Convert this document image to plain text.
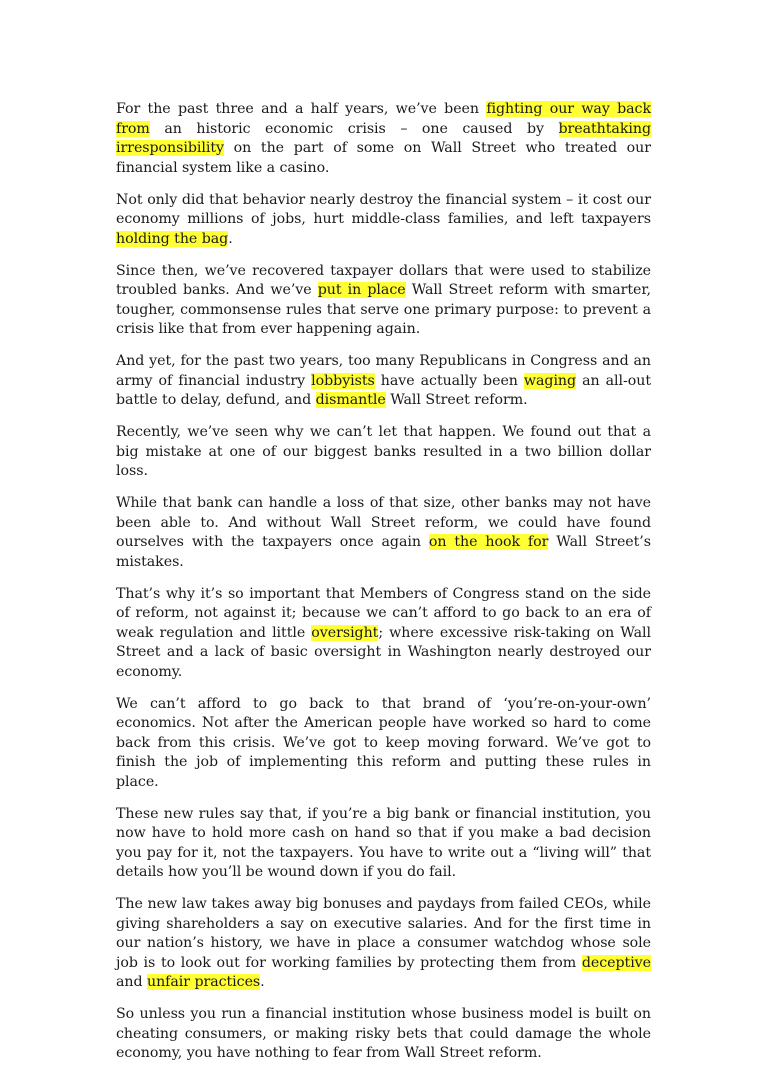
For the past three and a half years, we’ve been fighting our way back from an historic economic crisis – one caused by breathtaking irresponsibility on the part of some on Wall Street who treated our financial system like a casino.

Not only did that behavior nearly destroy the financial system – it cost our economy millions of jobs, hurt middle-class families, and left taxpayers holding the bag.

Since then, we’ve recovered taxpayer dollars that were used to stabilize troubled banks. And we’ve put in place Wall Street reform with smarter, tougher, commonsense rules that serve one primary purpose: to prevent a crisis like that from ever happening again.

And yet, for the past two years, too many Republicans in Congress and an army of financial industry lobbyists have actually been waging an all-out battle to delay, defund, and dismantle Wall Street reform.

Recently, we’ve seen why we can’t let that happen. We found out that a big mistake at one of our biggest banks resulted in a two billion dollar loss.

While that bank can handle a loss of that size, other banks may not have been able to. And without Wall Street reform, we could have found ourselves with the taxpayers once again on the hook for Wall Street’s mistakes.

That’s why it’s so important that Members of Congress stand on the side of reform, not against it; because we can’t afford to go back to an era of weak regulation and little oversight; where excessive risk-taking on Wall Street and a lack of basic oversight in Washington nearly destroyed our economy.

We can’t afford to go back to that brand of ‘you’re-on-your-own’ economics. Not after the American people have worked so hard to come back from this crisis. We’ve got to keep moving forward. We’ve got to finish the job of implementing this reform and putting these rules in place.

These new rules say that, if you’re a big bank or financial institution, you now have to hold more cash on hand so that if you make a bad decision you pay for it, not the taxpayers. You have to write out a “living will” that details how you’ll be wound down if you do fail.

The new law takes away big bonuses and paydays from failed CEOs, while giving shareholders a say on executive salaries. And for the first time in our nation’s history, we have in place a consumer watchdog whose sole job is to look out for working families by protecting them from deceptive and unfair practices.

So unless you run a financial institution whose business model is built on cheating consumers, or making risky bets that could damage the whole economy, you have nothing to fear from Wall Street reform.
